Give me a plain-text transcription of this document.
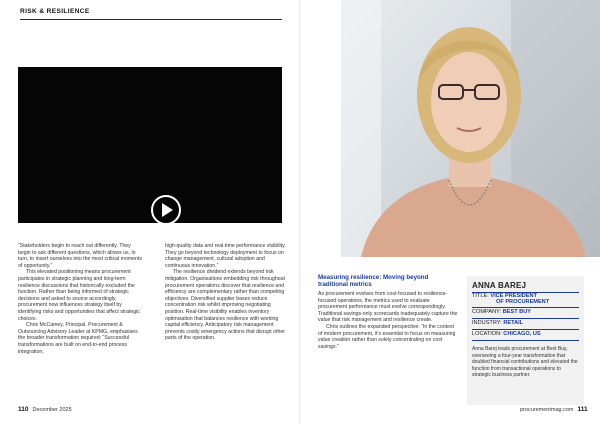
RISK & RESILIENCE

“Stakeholders begin to reach out differently. They begin to ask different questions, which allows us, in turn, to insert ourselves into the most critical moments of opportunity.”

This elevated positioning means procurement participates in strategic planning and long-term resilience discussions that historically excluded the function. Rather than being informed of strategic decisions and asked to source accordingly, procurement now influences strategy itself by identifying risks and opportunities that affect strategic choices.

Chris McCamey, Principal, Procurement & Outsourcing Advisory Leader at KPMG, emphasises the broader transformation required: “Successful transformations are built on end-to-end process integration,

high-quality data and real-time performance visibility. They go beyond technology deployment to focus on change management, cultural adoption and continuous innovation.”

The resilience dividend extends beyond risk mitigation. Organisations embedding risk throughout procurement operations discover that resilience and efficiency are complementary rather than competing objectives. Diversified supplier bases reduce concentration risk whilst improving negotiating position. Real-time visibility enables inventory optimisation that balances resilience with working capital efficiency. Anticipatory risk management prevents costly emergency actions that disrupt other parts of the operation.

110 December 2025	procurementmag.com 111
Measuring resilience: Moving beyond traditional metrics

As procurement evolves from cost-focused to resilience-focused operations, the metrics used to evaluate procurement performance must evolve correspondingly. Traditional savings-only scorecards inadequately capture the value that risk management and resilience create.

Chris outlines the expanded perspective: “In the context of modern procurement, it’s essential to focus on measuring value creation rather than solely concentrating on cost savings.”

ANNA BAREJ
TITLE: VICE PRESIDENT
OF PROCUREMENT
COMPANY: BEST BUY
INDUSTRY: RETAIL
LOCATION: CHICAGO, US
Anna Barej leads procurement at Best Buy, overseeing a four-year transformation that doubled financial contributions and elevated the function from transactional operations to strategic business partner.
